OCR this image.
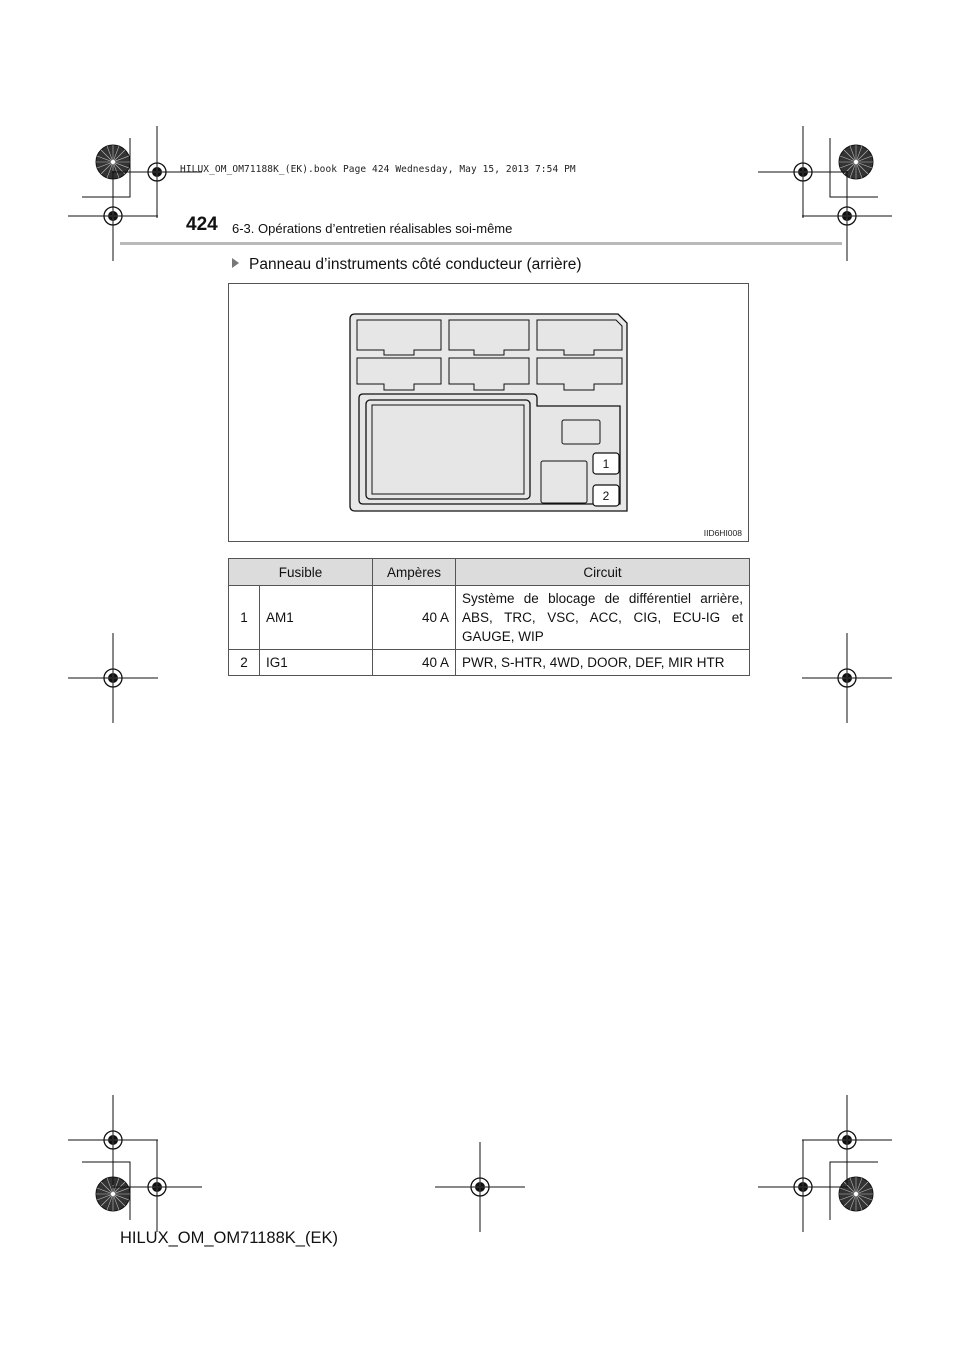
HILUX_OM_OM71188K_(EK).book Page 424 Wednesday, May 15, 2013 7:54 PM
424 6-3. Opérations d’entretien réalisables soi-même
Panneau d’instruments côté conducteur (arrière)
1
2
IID6HI008
Fusible		Ampères	Circuit
1	AM1	40 A	Système de blocage de différentiel arrière, ABS, TRC, VSC, ACC, CIG, ECU-IG et GAUGE, WIP
2	IG1	40 A	PWR, S-HTR, 4WD, DOOR, DEF, MIR HTR
HILUX_OM_OM71188K_(EK)
